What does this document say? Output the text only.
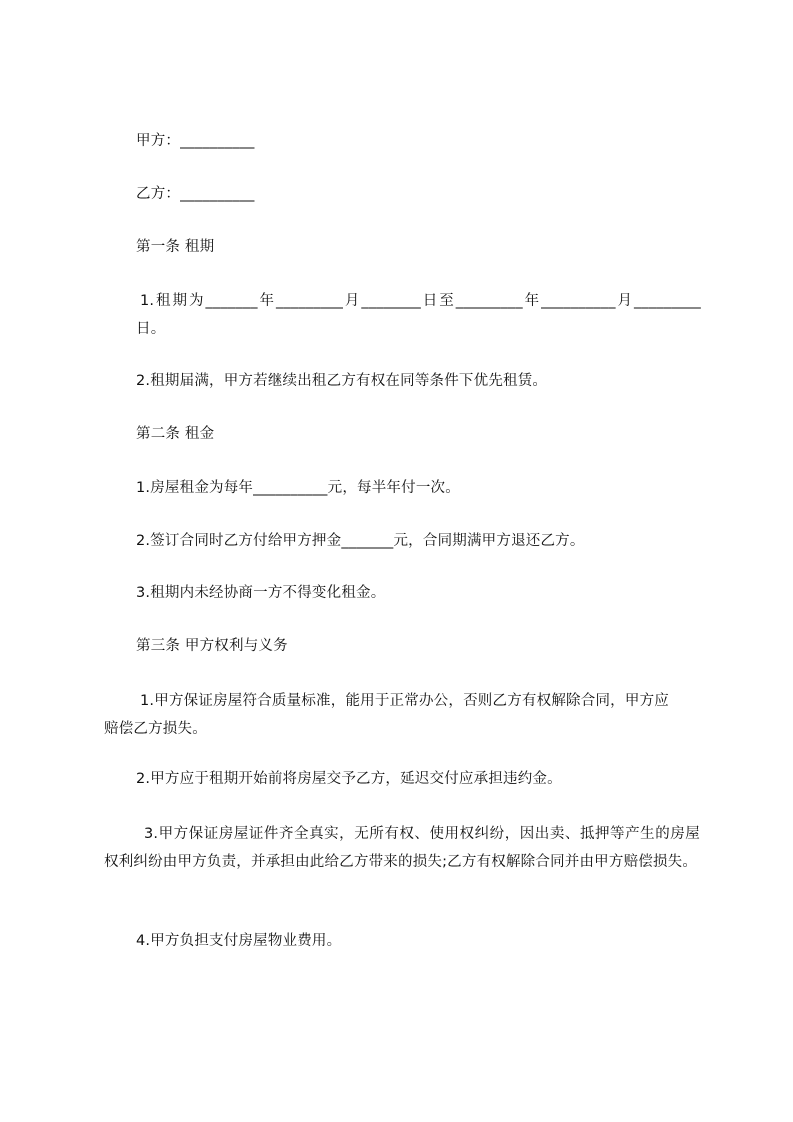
甲方：__________
乙方：__________
第一条 租期
1.租期为_______年_________月________日至_________年__________月_________日。
2.租期届满，甲方若继续出租乙方有权在同等条件下优先租赁。
第二条 租金
1.房屋租金为每年__________元，每半年付一次。
2.签订合同时乙方付给甲方押金_______元，合同期满甲方退还乙方。
3.租期内未经协商一方不得变化租金。
第三条 甲方权利与义务
1.甲方保证房屋符合质量标准，能用于正常办公，否则乙方有权解除合同，甲方应赔偿乙方损失。
2.甲方应于租期开始前将房屋交予乙方，延迟交付应承担违约金。
3.甲方保证房屋证件齐全真实，无所有权、使用权纠纷，因出卖、抵押等产生的房屋权利纠纷由甲方负责，并承担由此给乙方带来的损失;乙方有权解除合同并由甲方赔偿损失。
4.甲方负担支付房屋物业费用。
